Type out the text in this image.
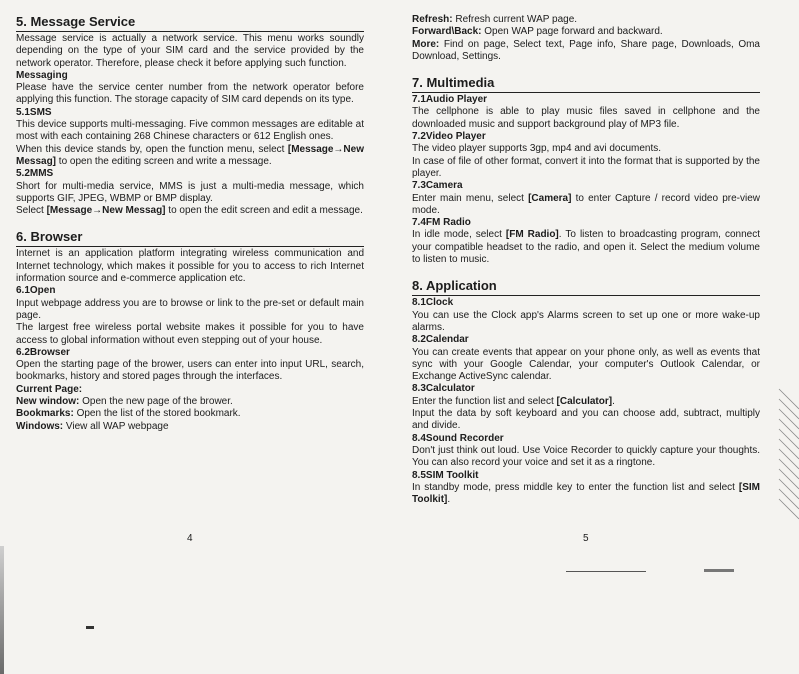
5. Message Service
Message service is actually a network service. This menu works soundly depending on the type of your SIM card and the service provided by the network operator. Therefore, please check it before applying such function.
Messaging
Please have the service center number from the network operator before applying this function. The storage capacity of SIM card depends on its type.
5.1SMS
This device supports multi-messaging. Five common messages are editable at most with each containing 268 Chinese characters or 612 English ones.
When this device stands by, open the function menu, select [Message→New Messag] to open the editing screen and write a message.
5.2MMS
Short for multi-media service, MMS is just a multi-media message, which supports GIF, JPEG, WBMP or BMP display.
Select [Message→New Messag] to open the edit screen and edit a message.
6. Browser
Internet is an application platform integrating wireless communication and Internet technology, which makes it possible for you to access to rich Internet information source and e-commerce application etc.
6.1Open
Input webpage address you are to browse or link to the pre-set or default main page.
The largest free wireless portal website makes it possible for you to have access to global information without even stepping out of your house.
6.2Browser
Open the starting page of the brower, users can enter into input URL, search, bookmarks, history and stored pages through the interfaces.
Current Page:
New window: Open the new page of the brower.
Bookmarks: Open the list of the stored bookmark.
Windows: View all WAP webpage
4
Refresh: Refresh current WAP page.
Forward\Back: Open WAP page forward and backward.
More: Find on page, Select text, Page info, Share page, Downloads, Oma Download, Settings.
7. Multimedia
7.1Audio Player
The cellphone is able to play music files saved in cellphone and the downloaded music and support background play of MP3 file.
7.2Video Player
The video player supports 3gp, mp4 and avi documents.
In case of file of other format, convert it into the format that is supported by the player.
7.3Camera
Enter main menu, select [Camera] to enter Capture / record video pre-view mode.
7.4FM Radio
In idle mode, select [FM Radio]. To listen to broadcasting program, connect your compatible headset to the radio, and open it. Select the medium volume to listen to music.
8. Application
8.1Clock
You can use the Clock app's Alarms screen to set up one or more wake-up alarms.
8.2Calendar
You can create events that appear on your phone only, as well as events that sync with your Google Calendar, your computer's Outlook Calendar, or Exchange ActiveSync calendar.
8.3Calculator
Enter the function list and select [Calculator].
Input the data by soft keyboard and you can choose add, subtract, multiply and divide.
8.4Sound Recorder
Don't just think out loud. Use Voice Recorder to quickly capture your thoughts. You can also record your voice and set it as a ringtone.
8.5SIM Toolkit
In standby mode, press middle key to enter the function list and select [SIM Toolkit].
5
